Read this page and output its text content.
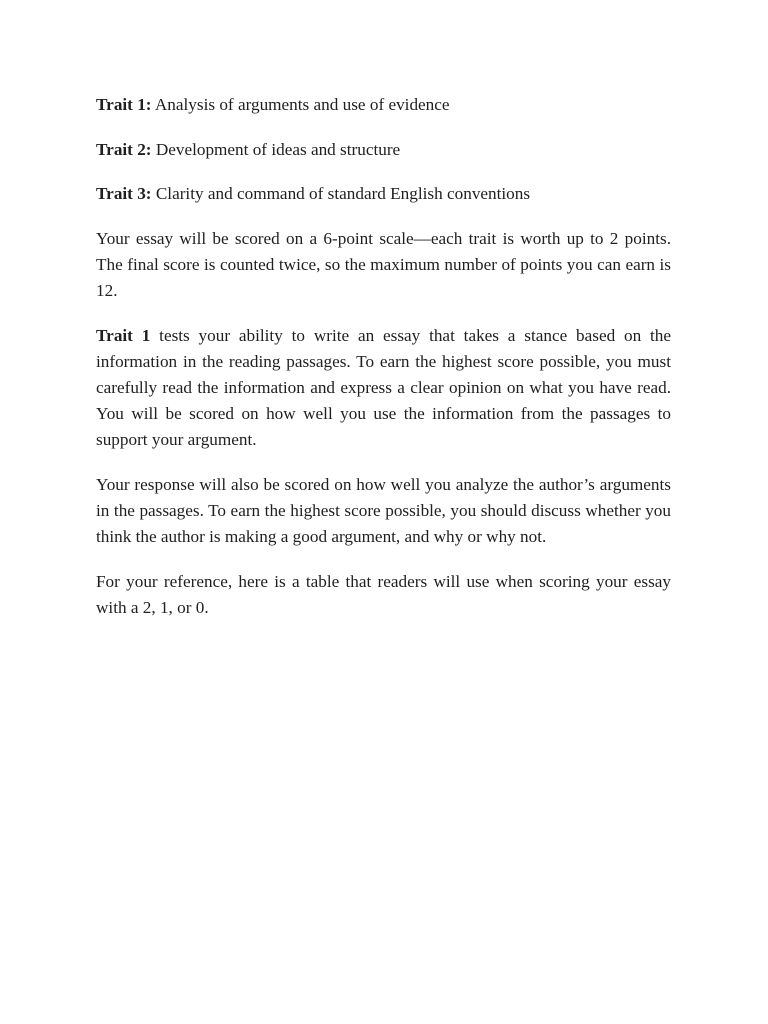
Trait 1: Analysis of arguments and use of evidence

Trait 2: Development of ideas and structure

Trait 3: Clarity and command of standard English conventions

Your essay will be scored on a 6-point scale—each trait is worth up to 2 points. The final score is counted twice, so the maximum number of points you can earn is 12.

Trait 1 tests your ability to write an essay that takes a stance based on the information in the reading passages. To earn the highest score possible, you must carefully read the information and express a clear opinion on what you have read. You will be scored on how well you use the information from the passages to support your argument.

Your response will also be scored on how well you analyze the author’s arguments in the passages. To earn the highest score possible, you should discuss whether you think the author is making a good argument, and why or why not.

For your reference, here is a table that readers will use when scoring your essay with a 2, 1, or 0.
